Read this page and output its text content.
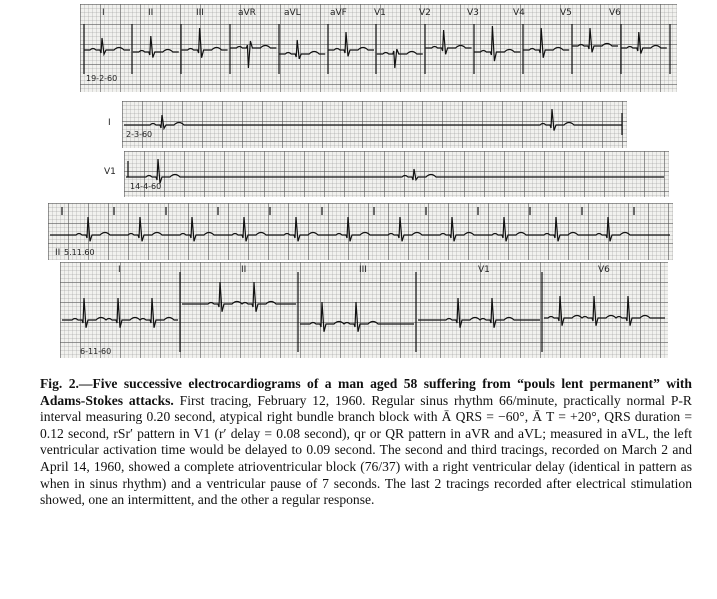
I	II	III	aVR	aVL	aVF	V1	V2	V3	V4	V5	V6
19-2-60
I
2-3-60
V1
14-4-60
5.11.60
II
I	II	III	V1	V6
6-11-60
Fig. 2.—Five successive electrocardiograms of a man aged 58 suffering from “pouls lent permanent” with Adams-Stokes attacks. First tracing, February 12, 1960. Regular sinus rhythm 66/minute, practically normal P-R interval measuring 0.20 second, atypical right bundle branch block with Ā QRS = −60°, Ā T = +20°, QRS duration = 0.12 second, rSr′ pattern in V1 (r′ delay = 0.08 second), qr or QR pattern in aVR and aVL; measured in aVL, the left ventricular activation time would be delayed to 0.09 second. The second and third tracings, recorded on March 2 and April 14, 1960, showed a complete atrioventricular block (76/37) with a right ventricular delay (identical in pattern as when in sinus rhythm) and a ventricular pause of 7 seconds. The last 2 tracings recorded after electrical stimulation showed, one an intermittent, and the other a regular response.
